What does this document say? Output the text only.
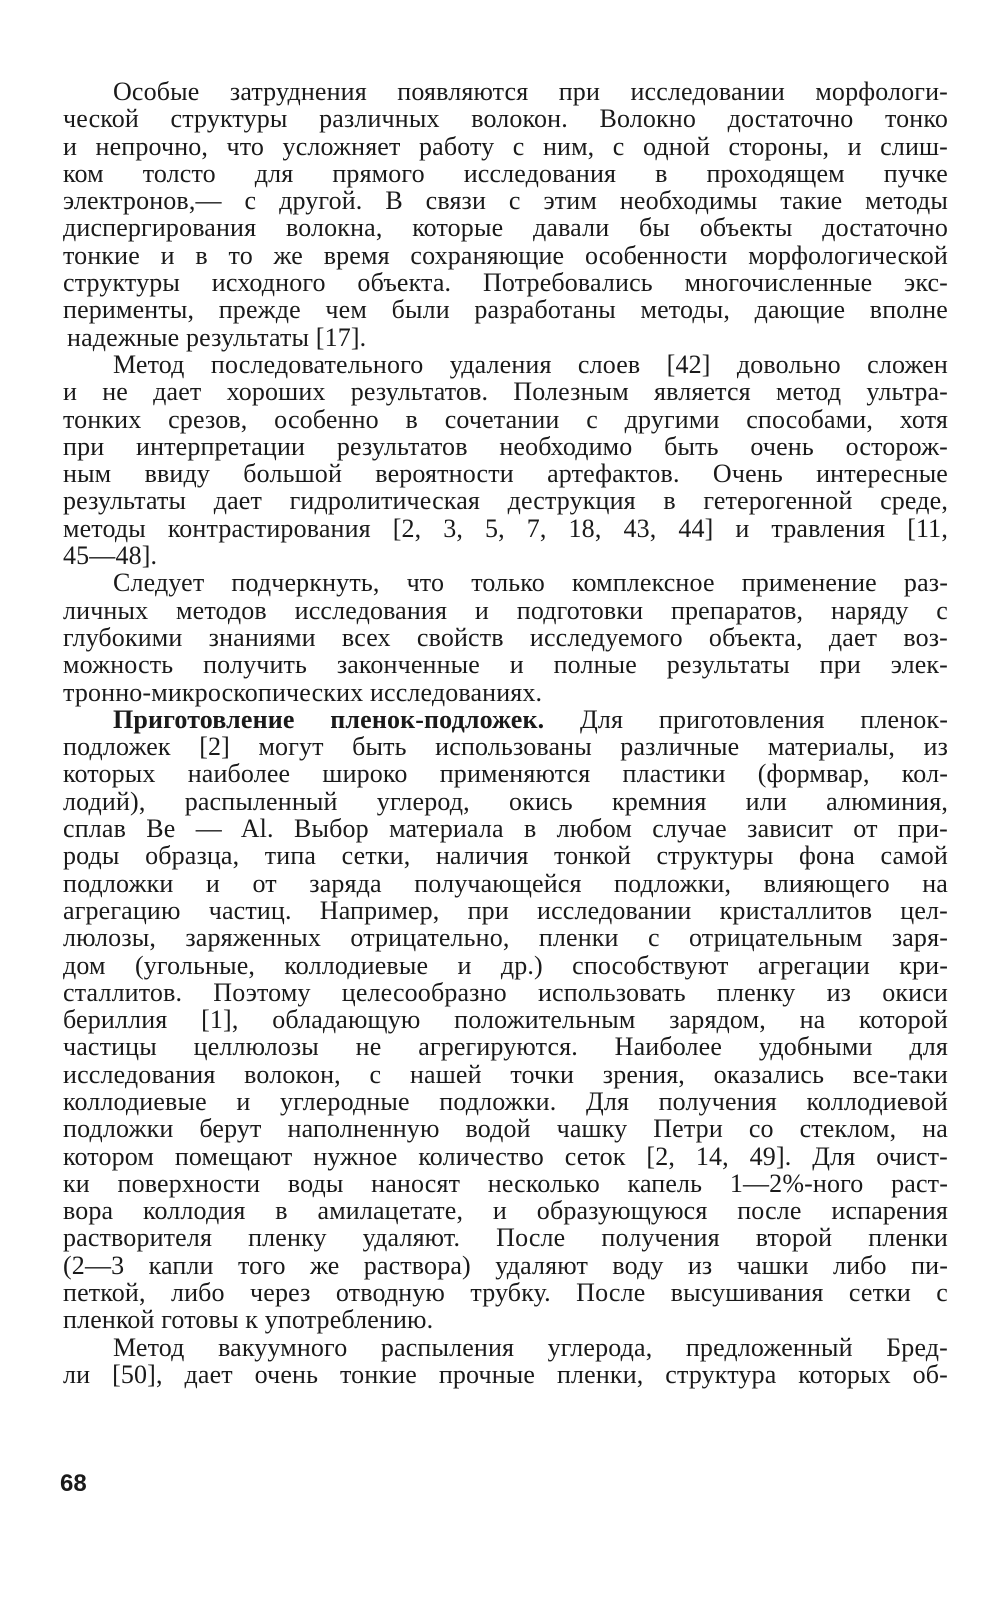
Особые затруднения появляются при исследовании морфологи-
ческой структуры различных волокон. Волокно достаточно тонко
и непрочно, что усложняет работу с ним, с одной стороны, и слиш-
ком толсто для прямого исследования в проходящем пучке
электронов,— с другой. В связи с этим необходимы такие методы
диспергирования волокна, которые давали бы объекты достаточно
тонкие и в то же время сохраняющие особенности морфологической
структуры исходного объекта. Потребовались многочисленные экс-
перименты, прежде чем были разработаны методы, дающие вполне
надежные результаты [17].
Метод последовательного удаления слоев [42] довольно сложен
и не дает хороших результатов. Полезным является метод ультра-
тонких срезов, особенно в сочетании с другими способами, хотя
при интерпретации результатов необходимо быть очень осторож-
ным ввиду большой вероятности артефактов. Очень интересные
результаты дает гидролитическая деструкция в гетерогенной среде,
методы контрастирования [2, 3, 5, 7, 18, 43, 44] и травления [11,
45—48].
Следует подчеркнуть, что только комплексное применение раз-
личных методов исследования и подготовки препаратов, наряду с
глубокими знаниями всех свойств исследуемого объекта, дает воз-
можность получить законченные и полные результаты при элек-
тронно-микроскопических исследованиях.
Приготовление пленок-подложек. Для приготовления пленок-
подложек [2] могут быть использованы различные материалы, из
которых наиболее широко применяются пластики (формвар, кол-
лодий), распыленный углерод, окись кремния или алюминия,
сплав Be — Al. Выбор материала в любом случае зависит от при-
роды образца, типа сетки, наличия тонкой структуры фона самой
подложки и от заряда получающейся подложки, влияющего на
агрегацию частиц. Например, при исследовании кристаллитов цел-
люлозы, заряженных отрицательно, пленки с отрицательным заря-
дом (угольные, коллодиевые и др.) способствуют агрегации кри-
сталлитов. Поэтому целесообразно использовать пленку из окиси
бериллия [1], обладающую положительным зарядом, на которой
частицы целлюлозы не агрегируются. Наиболее удобными для
исследования волокон, с нашей точки зрения, оказались все-таки
коллодиевые и углеродные подложки. Для получения коллодиевой
подложки берут наполненную водой чашку Петри со стеклом, на
котором помещают нужное количество сеток [2, 14, 49]. Для очист-
ки поверхности воды наносят несколько капель 1—2%-ного раст-
вора коллодия в амилацетате, и образующуюся после испарения
растворителя пленку удаляют. После получения второй пленки
(2—3 капли того же раствора) удаляют воду из чашки либо пи-
петкой, либо через отводную трубку. После высушивания сетки с
пленкой готовы к употреблению.
Метод вакуумного распыления углерода, предложенный Бред-
ли [50], дает очень тонкие прочные пленки, структура которых об-
68
